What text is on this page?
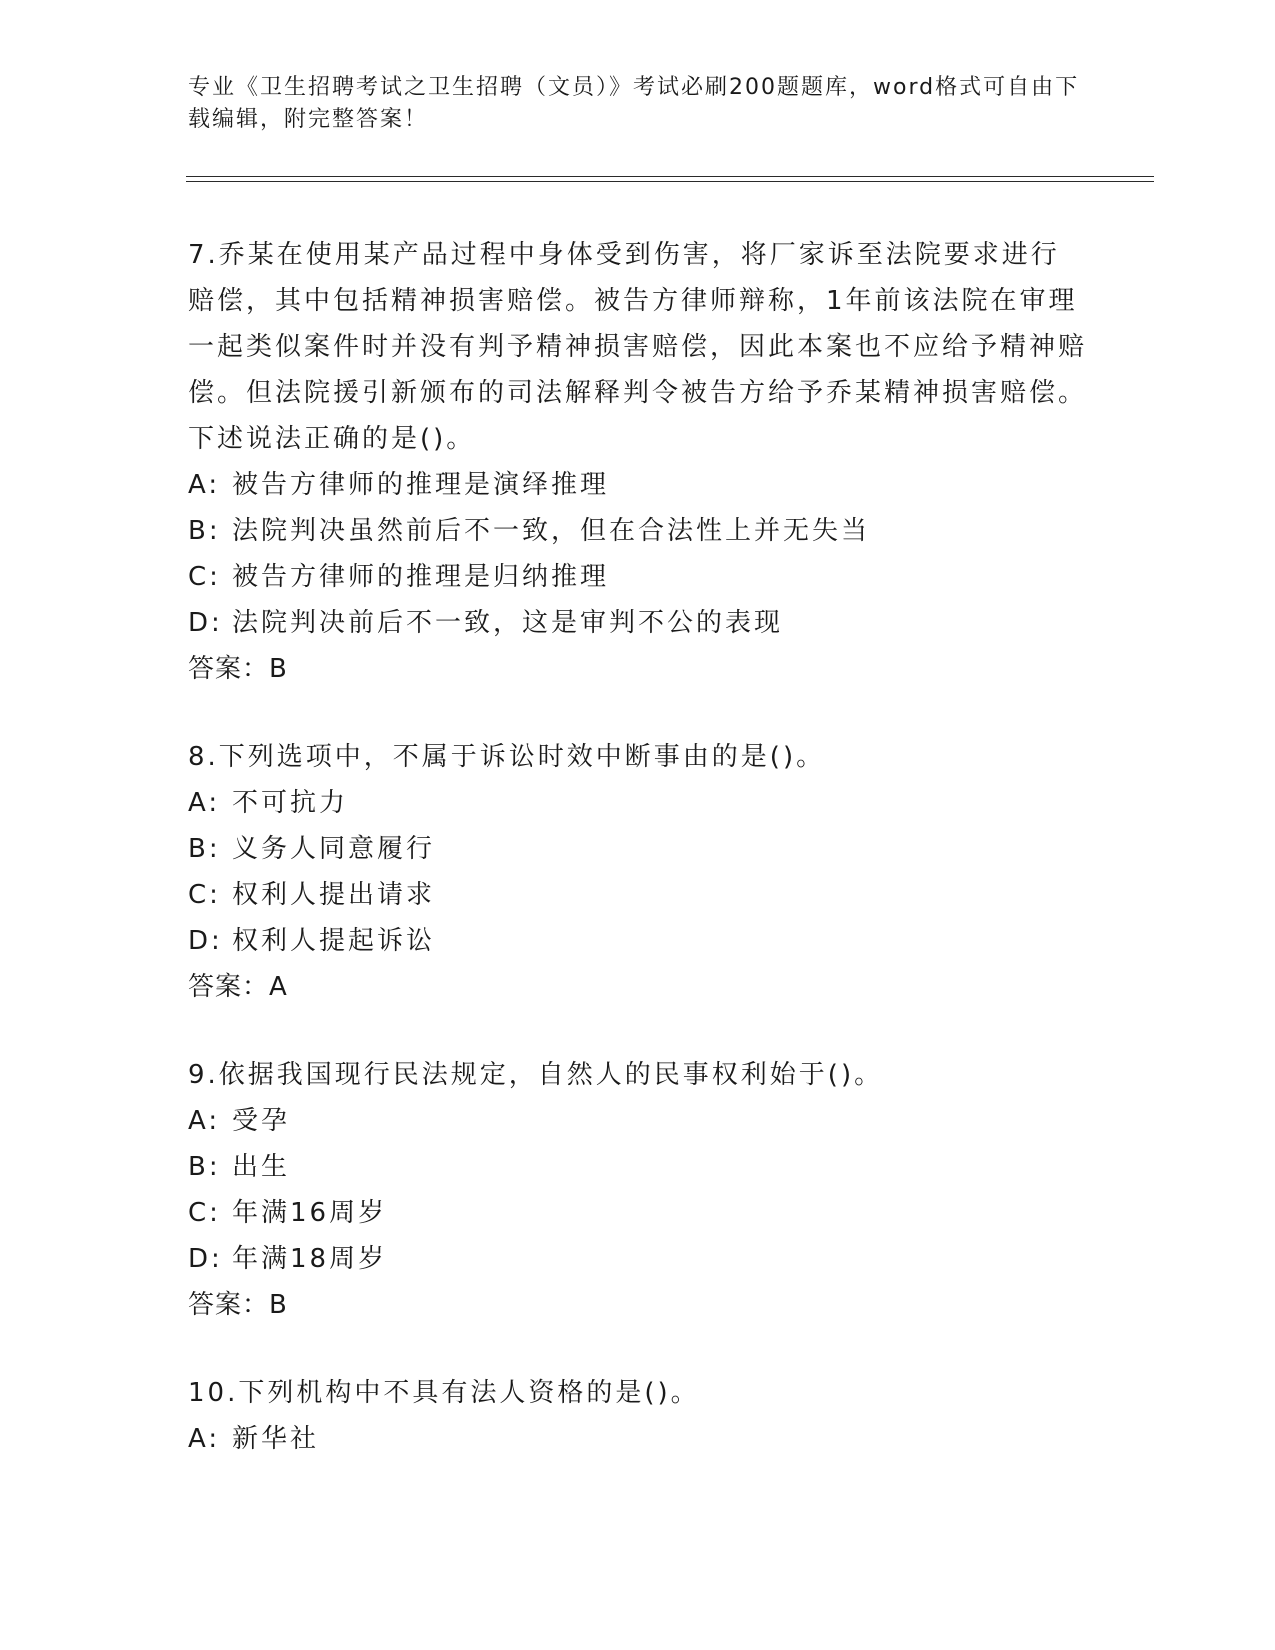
专业《卫生招聘考试之卫生招聘（文员）》考试必刷200题题库，word格式可自由下载编辑，附完整答案！

7.乔某在使用某产品过程中身体受到伤害，将厂家诉至法院要求进行赔偿，其中包括精神损害赔偿。被告方律师辩称，1年前该法院在审理一起类似案件时并没有判予精神损害赔偿，因此本案也不应给予精神赔偿。但法院援引新颁布的司法解释判令被告方给予乔某精神损害赔偿。下述说法正确的是()。

A: 被告方律师的推理是演绎推理

B: 法院判决虽然前后不一致，但在合法性上并无失当

C: 被告方律师的推理是归纳推理

D: 法院判决前后不一致，这是审判不公的表现

答案：B

8.下列选项中，不属于诉讼时效中断事由的是()。

A: 不可抗力

B: 义务人同意履行

C: 权利人提出请求

D: 权利人提起诉讼

答案：A

9.依据我国现行民法规定，自然人的民事权利始于()。

A: 受孕

B: 出生

C: 年满16周岁

D: 年满18周岁

答案：B

10.下列机构中不具有法人资格的是()。

A: 新华社
